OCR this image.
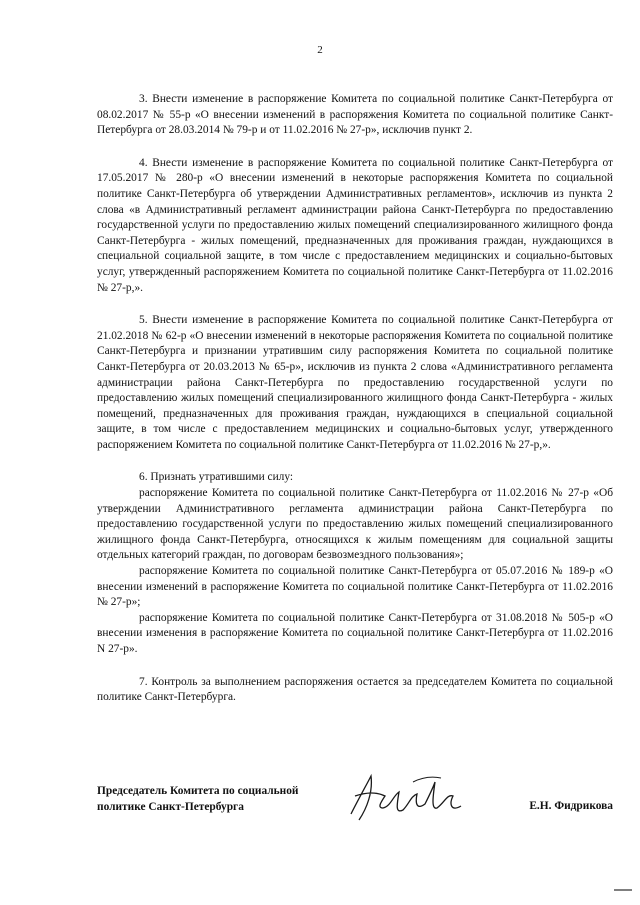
2

3. Внести изменение в распоряжение Комитета по социальной политике Санкт-Петербурга от 08.02.2017 № 55-р «О внесении изменений в распоряжения Комитета по социальной политике Санкт-Петербурга от 28.03.2014 № 79-р и от 11.02.2016 № 27-р», исключив пункт 2.

4. Внести изменение в распоряжение Комитета по социальной политике Санкт-Петербурга от 17.05.2017 № 280-р «О внесении изменений в некоторые распоряжения Комитета по социальной политике Санкт-Петербурга об утверждении Административных регламентов», исключив из пункта 2 слова «в Административный регламент администрации района Санкт-Петербурга по предоставлению государственной услуги по предоставлению жилых помещений специализированного жилищного фонда Санкт-Петербурга - жилых помещений, предназначенных для проживания граждан, нуждающихся в специальной социальной защите, в том числе с предоставлением медицинских и социально-бытовых услуг, утвержденный распоряжением Комитета по социальной политике Санкт-Петербурга от 11.02.2016 № 27-р,».

5. Внести изменение в распоряжение Комитета по социальной политике Санкт-Петербурга от 21.02.2018 № 62-р «О внесении изменений в некоторые распоряжения Комитета по социальной политике Санкт-Петербурга и признании утратившим силу распоряжения Комитета по социальной политике Санкт-Петербурга от 20.03.2013 № 65-р», исключив из пункта 2 слова «Административного регламента администрации района Санкт-Петербурга по предоставлению государственной услуги по предоставлению жилых помещений специализированного жилищного фонда Санкт-Петербурга - жилых помещений, предназначенных для проживания граждан, нуждающихся в специальной социальной защите, в том числе с предоставлением медицинских и социально-бытовых услуг, утвержденного распоряжением Комитета по социальной политике Санкт-Петербурга от 11.02.2016 № 27-р,».

6. Признать утратившими силу:

распоряжение Комитета по социальной политике Санкт-Петербурга от 11.02.2016 № 27-р «Об утверждении Административного регламента администрации района Санкт-Петербурга по предоставлению государственной услуги по предоставлению жилых помещений специализированного жилищного фонда Санкт-Петербурга, относящихся к жилым помещениям для социальной защиты отдельных категорий граждан, по договорам безвозмездного пользования»;

распоряжение Комитета по социальной политике Санкт-Петербурга от 05.07.2016 № 189-р «О внесении изменений в распоряжение Комитета по социальной политике Санкт-Петербурга от 11.02.2016 № 27-р»;

распоряжение Комитета по социальной политике Санкт-Петербурга от 31.08.2018 № 505-р «О внесении изменения в распоряжение Комитета по социальной политике Санкт-Петербурга от 11.02.2016 N 27-р».

7. Контроль за выполнением распоряжения остается за председателем Комитета по социальной политике Санкт-Петербурга.

Председатель Комитета по социальной политике Санкт-Петербурга	Е.Н. Фидрикова
